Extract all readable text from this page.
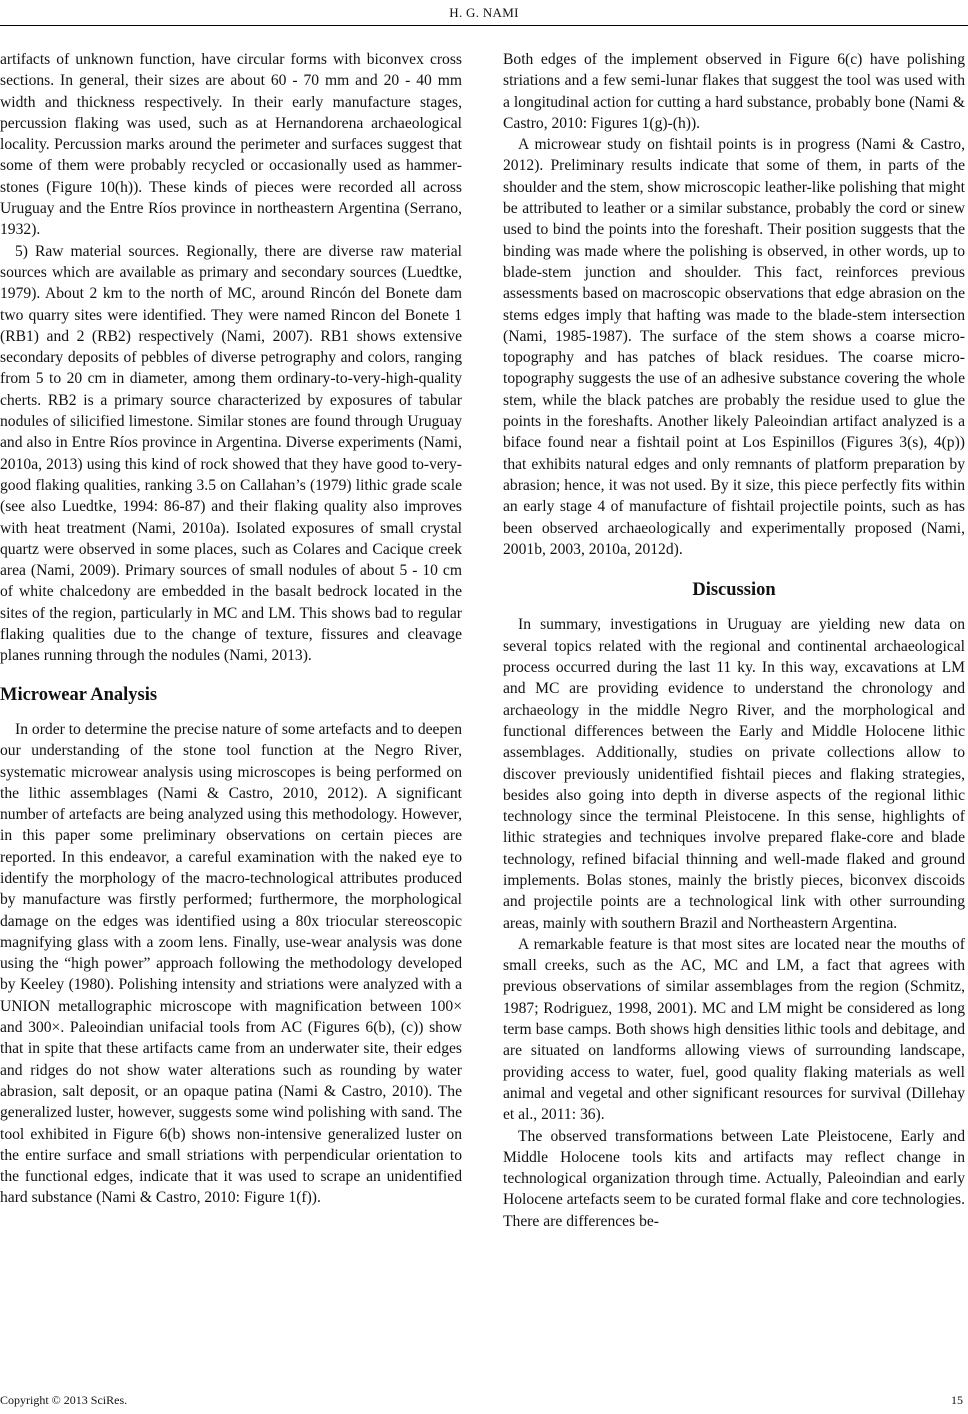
H. G. NAMI

artifacts of unknown function, have circular forms with biconvex cross sections. In general, their sizes are about 60 - 70 mm and 20 - 40 mm width and thickness respectively. In their early manufacture stages, percussion flaking was used, such as at Hernandorena archaeological locality. Percussion marks around the perimeter and surfaces suggest that some of them were probably recycled or occasionally used as hammer-stones (Figure 10(h)). These kinds of pieces were recorded all across Uruguay and the Entre Ríos province in northeastern Argentina (Serrano, 1932).

5) Raw material sources. Regionally, there are diverse raw material sources which are available as primary and secondary sources (Luedtke, 1979). About 2 km to the north of MC, around Rincón del Bonete dam two quarry sites were identified. They were named Rincon del Bonete 1 (RB1) and 2 (RB2) respectively (Nami, 2007). RB1 shows extensive secondary deposits of pebbles of diverse petrography and colors, ranging from 5 to 20 cm in diameter, among them ordinary-to-very-high-quality cherts. RB2 is a primary source characterized by exposures of tabular nodules of silicified limestone. Similar stones are found through Uruguay and also in Entre Ríos province in Argentina. Diverse experiments (Nami, 2010a, 2013) using this kind of rock showed that they have good to-very-good flaking qualities, ranking 3.5 on Callahan’s (1979) lithic grade scale (see also Luedtke, 1994: 86-87) and their flaking quality also improves with heat treatment (Nami, 2010a). Isolated exposures of small crystal quartz were observed in some places, such as Colares and Cacique creek area (Nami, 2009). Primary sources of small nodules of about 5 - 10 cm of white chalcedony are embedded in the basalt bedrock located in the sites of the region, particularly in MC and LM. This shows bad to regular flaking qualities due to the change of texture, fissures and cleavage planes running through the nodules (Nami, 2013).

Microwear Analysis

In order to determine the precise nature of some artefacts and to deepen our understanding of the stone tool function at the Negro River, systematic microwear analysis using microscopes is being performed on the lithic assemblages (Nami & Castro, 2010, 2012). A significant number of artefacts are being analyzed using this methodology. However, in this paper some preliminary observations on certain pieces are reported. In this endeavor, a careful examination with the naked eye to identify the morphology of the macro-technological attributes produced by manufacture was firstly performed; furthermore, the morphological damage on the edges was identified using a 80x triocular stereoscopic magnifying glass with a zoom lens. Finally, use-wear analysis was done using the “high power” approach following the methodology developed by Keeley (1980). Polishing intensity and striations were analyzed with a UNION metallographic microscope with magnification between 100× and 300×. Paleoindian unifacial tools from AC (Figures 6(b), (c)) show that in spite that these artifacts came from an underwater site, their edges and ridges do not show water alterations such as rounding by water abrasion, salt deposit, or an opaque patina (Nami & Castro, 2010). The generalized luster, however, suggests some wind polishing with sand. The tool exhibited in Figure 6(b) shows non-intensive generalized luster on the entire surface and small striations with perpendicular orientation to the functional edges, indicate that it was used to scrape an unidentified hard substance (Nami & Castro, 2010: Figure 1(f)).

Both edges of the implement observed in Figure 6(c) have polishing striations and a few semi-lunar flakes that suggest the tool was used with a longitudinal action for cutting a hard substance, probably bone (Nami & Castro, 2010: Figures 1(g)-(h)).

A microwear study on fishtail points is in progress (Nami & Castro, 2012). Preliminary results indicate that some of them, in parts of the shoulder and the stem, show microscopic leather-like polishing that might be attributed to leather or a similar substance, probably the cord or sinew used to bind the points into the foreshaft. Their position suggests that the binding was made where the polishing is observed, in other words, up to blade-stem junction and shoulder. This fact, reinforces previous assessments based on macroscopic observations that edge abrasion on the stems edges imply that hafting was made to the blade-stem intersection (Nami, 1985-1987). The surface of the stem shows a coarse micro-topography and has patches of black residues. The coarse micro-topography suggests the use of an adhesive substance covering the whole stem, while the black patches are probably the residue used to glue the points in the foreshafts. Another likely Paleoindian artifact analyzed is a biface found near a fishtail point at Los Espinillos (Figures 3(s), 4(p)) that exhibits natural edges and only remnants of platform preparation by abrasion; hence, it was not used. By it size, this piece perfectly fits within an early stage 4 of manufacture of fishtail projectile points, such as has been observed archaeologically and experimentally proposed (Nami, 2001b, 2003, 2010a, 2012d).

Discussion

In summary, investigations in Uruguay are yielding new data on several topics related with the regional and continental archaeological process occurred during the last 11 ky. In this way, excavations at LM and MC are providing evidence to understand the chronology and archaeology in the middle Negro River, and the morphological and functional differences between the Early and Middle Holocene lithic assemblages. Additionally, studies on private collections allow to discover previously unidentified fishtail pieces and flaking strategies, besides also going into depth in diverse aspects of the regional lithic technology since the terminal Pleistocene. In this sense, highlights of lithic strategies and techniques involve prepared flake-core and blade technology, refined bifacial thinning and well-made flaked and ground implements. Bolas stones, mainly the bristly pieces, biconvex discoids and projectile points are a technological link with other surrounding areas, mainly with southern Brazil and Northeastern Argentina.

A remarkable feature is that most sites are located near the mouths of small creeks, such as the AC, MC and LM, a fact that agrees with previous observations of similar assemblages from the region (Schmitz, 1987; Rodriguez, 1998, 2001). MC and LM might be considered as long term base camps. Both shows high densities lithic tools and debitage, and are situated on landforms allowing views of surrounding landscape, providing access to water, fuel, good quality flaking materials as well animal and vegetal and other significant resources for survival (Dillehay et al., 2011: 36).

The observed transformations between Late Pleistocene, Early and Middle Holocene tools kits and artifacts may reflect change in technological organization through time. Actually, Paleoindian and early Holocene artefacts seem to be curated formal flake and core technologies. There are differences be-

Copyright © 2013 SciRes.	15
